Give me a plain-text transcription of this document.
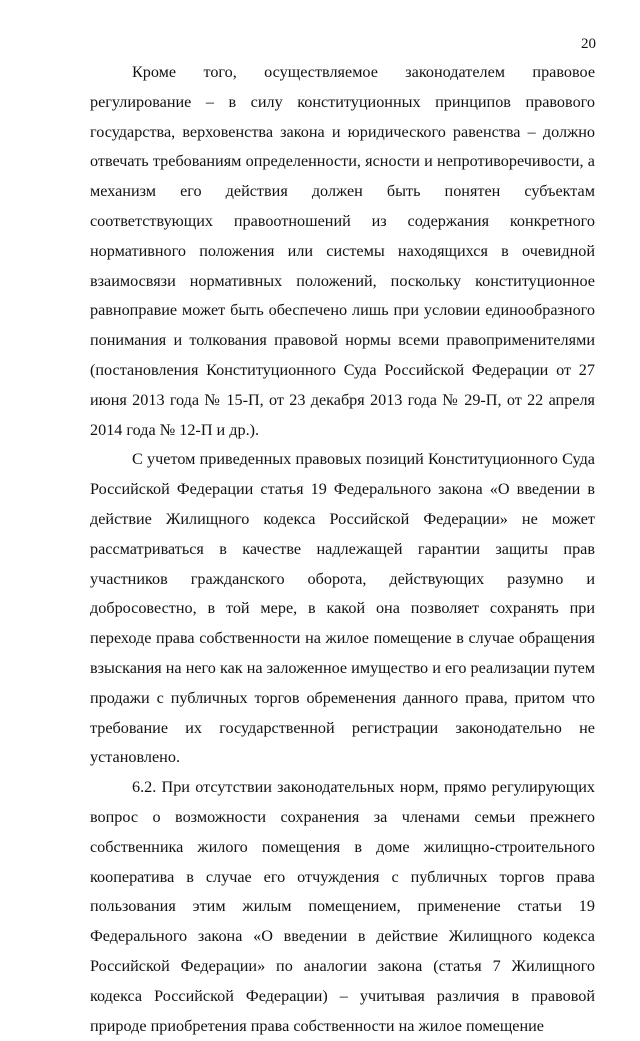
20

Кроме того, осуществляемое законодателем правовое регулирование – в силу конституционных принципов правового государства, верховенства закона и юридического равенства – должно отвечать требованиям определенности, ясности и непротиворечивости, а механизм его действия должен быть понятен субъектам соответствующих правоотношений из содержания конкретного нормативного положения или системы находящихся в очевидной взаимосвязи нормативных положений, поскольку конституционное равноправие может быть обеспечено лишь при условии единообразного понимания и толкования правовой нормы всеми правоприменителями (постановления Конституционного Суда Российской Федерации от 27 июня 2013 года № 15-П, от 23 декабря 2013 года № 29-П, от 22 апреля 2014 года № 12-П и др.).

С учетом приведенных правовых позиций Конституционного Суда Российской Федерации статья 19 Федерального закона «О введении в действие Жилищного кодекса Российской Федерации» не может рассматриваться в качестве надлежащей гарантии защиты прав участников гражданского оборота, действующих разумно и добросовестно, в той мере, в какой она позволяет сохранять при переходе права собственности на жилое помещение в случае обращения взыскания на него как на заложенное имущество и его реализации путем продажи с публичных торгов обременения данного права, притом что требование их государственной регистрации законодательно не установлено.

6.2. При отсутствии законодательных норм, прямо регулирующих вопрос о возможности сохранения за членами семьи прежнего собственника жилого помещения в доме жилищно-строительного кооператива в случае его отчуждения с публичных торгов права пользования этим жилым помещением, применение статьи 19 Федерального закона «О введении в действие Жилищного кодекса Российской Федерации» по аналогии закона (статья 7 Жилищного кодекса Российской Федерации) – учитывая различия в правовой природе приобретения права собственности на жилое помещение
